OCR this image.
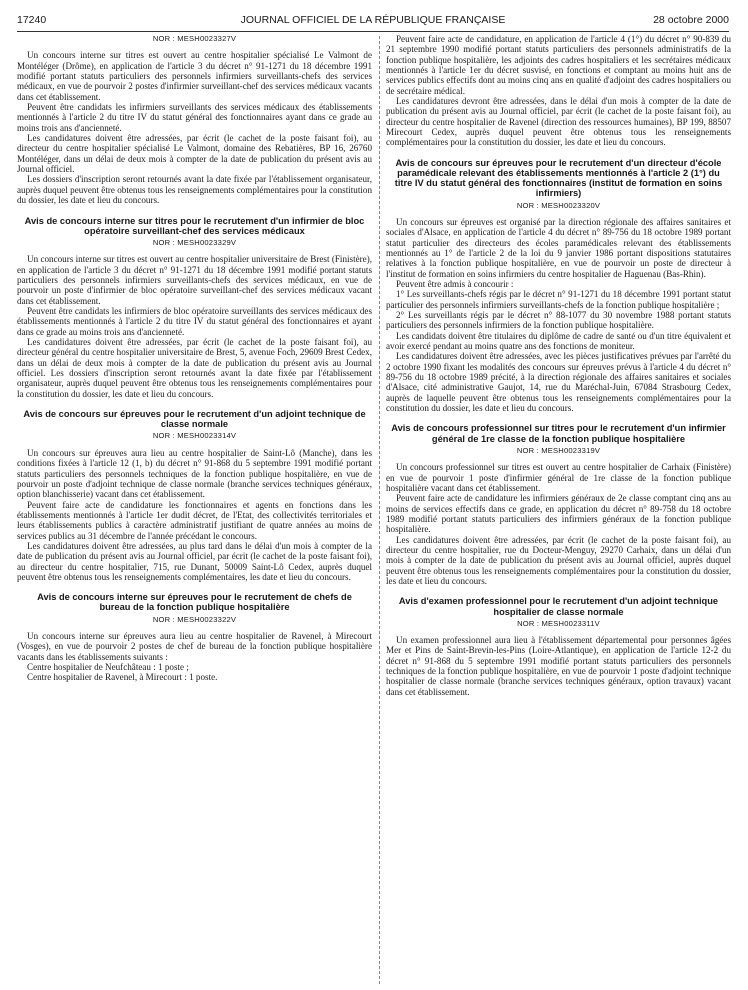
17240	JOURNAL OFFICIEL DE LA RÉPUBLIQUE FRANÇAISE	28 octobre 2000
NOR : MESH0023327V

Un concours interne sur titres est ouvert au centre hospitalier spécialisé Le Valmont de Montéléger (Drôme), en application de l'article 3 du décret n° 91-1271 du 18 décembre 1991 modifié portant statuts particuliers des personnels infirmiers surveillants-chefs des services médicaux, en vue de pourvoir 2 postes d'infirmier surveillant-chef des services médicaux vacants dans cet établissement.

Peuvent être candidats les infirmiers surveillants des services médicaux des établissements mentionnés à l'article 2 du titre IV du statut général des fonctionnaires ayant dans ce grade au moins trois ans d'ancienneté.

Les candidatures doivent être adressées, par écrit (le cachet de la poste faisant foi), au directeur du centre hospitalier spécialisé Le Valmont, domaine des Rebatières, BP 16, 26760 Montéléger, dans un délai de deux mois à compter de la date de publication du présent avis au Journal officiel.

Les dossiers d'inscription seront retournés avant la date fixée par l'établissement organisateur, auprès duquel peuvent être obtenus tous les renseignements complémentaires pour la constitution du dossier, les date et lieu du concours.

Avis de concours interne sur titres pour le recrutement d'un infirmier de bloc opératoire surveillant-chef des services médicaux
NOR : MESH0023329V

Un concours interne sur titres est ouvert au centre hospitalier universitaire de Brest (Finistère), en application de l'article 3 du décret n° 91-1271 du 18 décembre 1991 modifié portant statuts particuliers des personnels infirmiers surveillants-chefs des services médicaux, en vue de pourvoir un poste d'infirmier de bloc opératoire surveillant-chef des services médicaux vacant dans cet établissement.

Peuvent être candidats les infirmiers de bloc opératoire surveillants des services médicaux des établissements mentionnés à l'article 2 du titre IV du statut général des fonctionnaires et ayant dans ce grade au moins trois ans d'ancienneté.

Les candidatures doivent être adressées, par écrit (le cachet de la poste faisant foi), au directeur général du centre hospitalier universitaire de Brest, 5, avenue Foch, 29609 Brest Cedex, dans un délai de deux mois à compter de la date de publication du présent avis au Journal officiel. Les dossiers d'inscription seront retournés avant la date fixée par l'établissement organisateur, auprès duquel peuvent être obtenus tous les renseignements complémentaires pour la constitution du dossier, les date et lieu du concours.

Avis de concours sur épreuves pour le recrutement d'un adjoint technique de classe normale
NOR : MESH0023314V

Un concours sur épreuves aura lieu au centre hospitalier de Saint-Lô (Manche), dans les conditions fixées à l'article 12 (1, b) du décret n° 91-868 du 5 septembre 1991 modifié portant statuts particuliers des personnels techniques de la fonction publique hospitalière, en vue de pourvoir un poste d'adjoint technique de classe normale (branche services techniques généraux, option blanchisserie) vacant dans cet établissement.

Peuvent faire acte de candidature les fonctionnaires et agents en fonctions dans les établissements mentionnés à l'article 1er dudit décret, de l'Etat, des collectivités territoriales et leurs établissements publics à caractère administratif justifiant de quatre années au moins de services publics au 31 décembre de l'année précédant le concours.

Les candidatures doivent être adressées, au plus tard dans le délai d'un mois à compter de la date de publication du présent avis au Journal officiel, par écrit (le cachet de la poste faisant foi), au directeur du centre hospitalier, 715, rue Dunant, 50009 Saint-Lô Cedex, auprès duquel peuvent être obtenus tous les renseignements complémentaires, les date et lieu du concours.

Avis de concours interne sur épreuves pour le recrutement de chefs de bureau de la fonction publique hospitalière
NOR : MESH0023322V

Un concours interne sur épreuves aura lieu au centre hospitalier de Ravenel, à Mirecourt (Vosges), en vue de pourvoir 2 postes de chef de bureau de la fonction publique hospitalière vacants dans les établissements suivants :

Centre hospitalier de Neufchâteau : 1 poste ;

Centre hospitalier de Ravenel, à Mirecourt : 1 poste.

Peuvent faire acte de candidature, en application de l'article 4 (1°) du décret n° 90-839 du 21 septembre 1990 modifié portant statuts particuliers des personnels administratifs de la fonction publique hospitalière, les adjoints des cadres hospitaliers et les secrétaires médicaux mentionnés à l'article 1er du décret susvisé, en fonctions et comptant au moins huit ans de services publics effectifs dont au moins cinq ans en qualité d'adjoint des cadres hospitaliers ou de secrétaire médical.

Les candidatures devront être adressées, dans le délai d'un mois à compter de la date de publication du présent avis au Journal officiel, par écrit (le cachet de la poste faisant foi), au directeur du centre hospitalier de Ravenel (direction des ressources humaines), BP 199, 88507 Mirecourt Cedex, auprès duquel peuvent être obtenus tous les renseignements complémentaires pour la constitution du dossier, les date et lieu du concours.

Avis de concours sur épreuves pour le recrutement d'un directeur d'école paramédicale relevant des établissements mentionnés à l'article 2 (1°) du titre IV du statut général des fonctionnaires (institut de formation en soins infirmiers)
NOR : MESH0023320V

Un concours sur épreuves est organisé par la direction régionale des affaires sanitaires et sociales d'Alsace, en application de l'article 4 du décret n° 89-756 du 18 octobre 1989 portant statut particulier des directeurs des écoles paramédicales relevant des établissements mentionnés au 1° de l'article 2 de la loi du 9 janvier 1986 portant dispositions statutaires relatives à la fonction publique hospitalière, en vue de pourvoir un poste de directeur à l'institut de formation en soins infirmiers du centre hospitalier de Haguenau (Bas-Rhin).

Peuvent être admis à concourir :

1° Les surveillants-chefs régis par le décret n° 91-1271 du 18 décembre 1991 portant statut particulier des personnels infirmiers surveillants-chefs de la fonction publique hospitalière ;

2° Les surveillants régis par le décret n° 88-1077 du 30 novembre 1988 portant statuts particuliers des personnels infirmiers de la fonction publique hospitalière.

Les candidats doivent être titulaires du diplôme de cadre de santé ou d'un titre équivalent et avoir exercé pendant au moins quatre ans des fonctions de moniteur.

Les candidatures doivent être adressées, avec les pièces justificatives prévues par l'arrêté du 2 octobre 1990 fixant les modalités des concours sur épreuves prévus à l'article 4 du décret n° 89-756 du 18 octobre 1989 précité, à la direction régionale des affaires sanitaires et sociales d'Alsace, cité administrative Gaujot, 14, rue du Maréchal-Juin, 67084 Strasbourg Cedex, auprès de laquelle peuvent être obtenus tous les renseignements complémentaires pour la constitution du dossier, les date et lieu du concours.

Avis de concours professionnel sur titres pour le recrutement d'un infirmier général de 1re classe de la fonction publique hospitalière
NOR : MESH0023319V

Un concours professionnel sur titres est ouvert au centre hospitalier de Carhaix (Finistère) en vue de pourvoir 1 poste d'infirmier général de 1re classe de la fonction publique hospitalière vacant dans cet établissement.

Peuvent faire acte de candidature les infirmiers généraux de 2e classe comptant cinq ans au moins de services effectifs dans ce grade, en application du décret n° 89-758 du 18 octobre 1989 modifié portant statuts particuliers des infirmiers généraux de la fonction publique hospitalière.

Les candidatures doivent être adressées, par écrit (le cachet de la poste faisant foi), au directeur du centre hospitalier, rue du Docteur-Menguy, 29270 Carhaix, dans un délai d'un mois à compter de la date de publication du présent avis au Journal officiel, auprès duquel peuvent être obtenus tous les renseignements complémentaires pour la constitution du dossier, les date et lieu du concours.

Avis d'examen professionnel pour le recrutement d'un adjoint technique hospitalier de classe normale
NOR : MESH0023311V

Un examen professionnel aura lieu à l'établissement départemental pour personnes âgées Mer et Pins de Saint-Brevin-les-Pins (Loire-Atlantique), en application de l'article 12-2 du décret n° 91-868 du 5 septembre 1991 modifié portant statuts particuliers des personnels techniques de la fonction publique hospitalière, en vue de pourvoir 1 poste d'adjoint technique hospitalier de classe normale (branche services techniques généraux, option travaux) vacant dans cet établissement.
